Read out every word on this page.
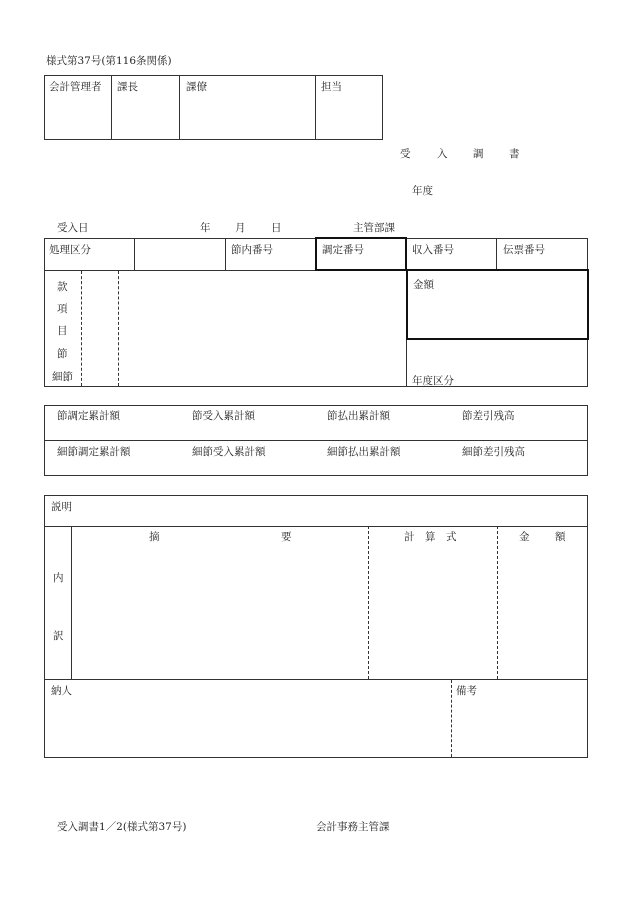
様式第37号(第116条関係)
会計管理者 課長	課僚	担当
受	入 調 書
年度
受入日	年 月 日	主管部課
処理区分	節内番号	調定番号	収入番号	伝票番号
款
項
目
節
細節
金額
年度区分
節調定累計額	節受入累計額	節払出累計額	節差引残高
細節調定累計額	細節受入累計額	細節払出累計額	細節差引残高
説明
摘	要	計　算　式	金 額
内
訳
納人	備考
受入調書1／2(様式第37号)	会計事務主管課
